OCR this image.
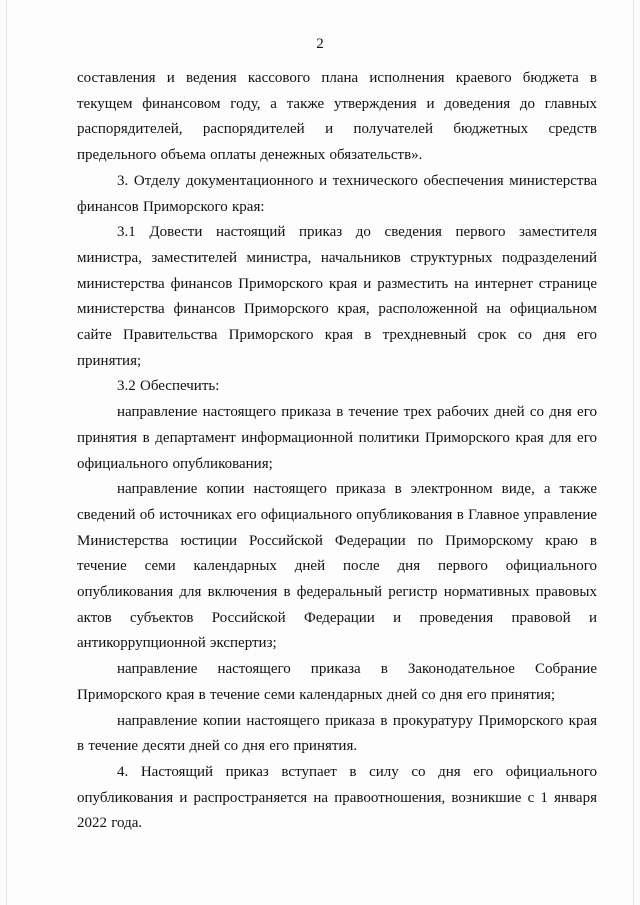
2

составления и ведения кассового плана исполнения краевого бюджета в текущем финансовом году, а также утверждения и доведения до главных распорядителей, распорядителей и получателей бюджетных средств предельного объема оплаты денежных обязательств».

3. Отделу документационного и технического обеспечения министерства финансов Приморского края:

3.1 Довести настоящий приказ до сведения первого заместителя министра, заместителей министра, начальников структурных подразделений министерства финансов Приморского края и разместить на интернет странице министерства финансов Приморского края, расположенной на официальном сайте Правительства Приморского края в трехдневный срок со дня его принятия;

3.2 Обеспечить:

направление настоящего приказа в течение трех рабочих дней со дня его принятия в департамент информационной политики Приморского края для его официального опубликования;

направление копии настоящего приказа в электронном виде, а также сведений об источниках его официального опубликования в Главное управление Министерства юстиции Российской Федерации по Приморскому краю в течение семи календарных дней после дня первого официального опубликования для включения в федеральный регистр нормативных правовых актов субъектов Российской Федерации и проведения правовой и антикоррупционной экспертиз;

направление настоящего приказа в Законодательное Собрание Приморского края в течение семи календарных дней со дня его принятия;

направление копии настоящего приказа в прокуратуру Приморского края в течение десяти дней со дня его принятия.

4. Настоящий приказ вступает в силу со дня его официального опубликования и распространяется на правоотношения, возникшие с 1 января 2022 года.
